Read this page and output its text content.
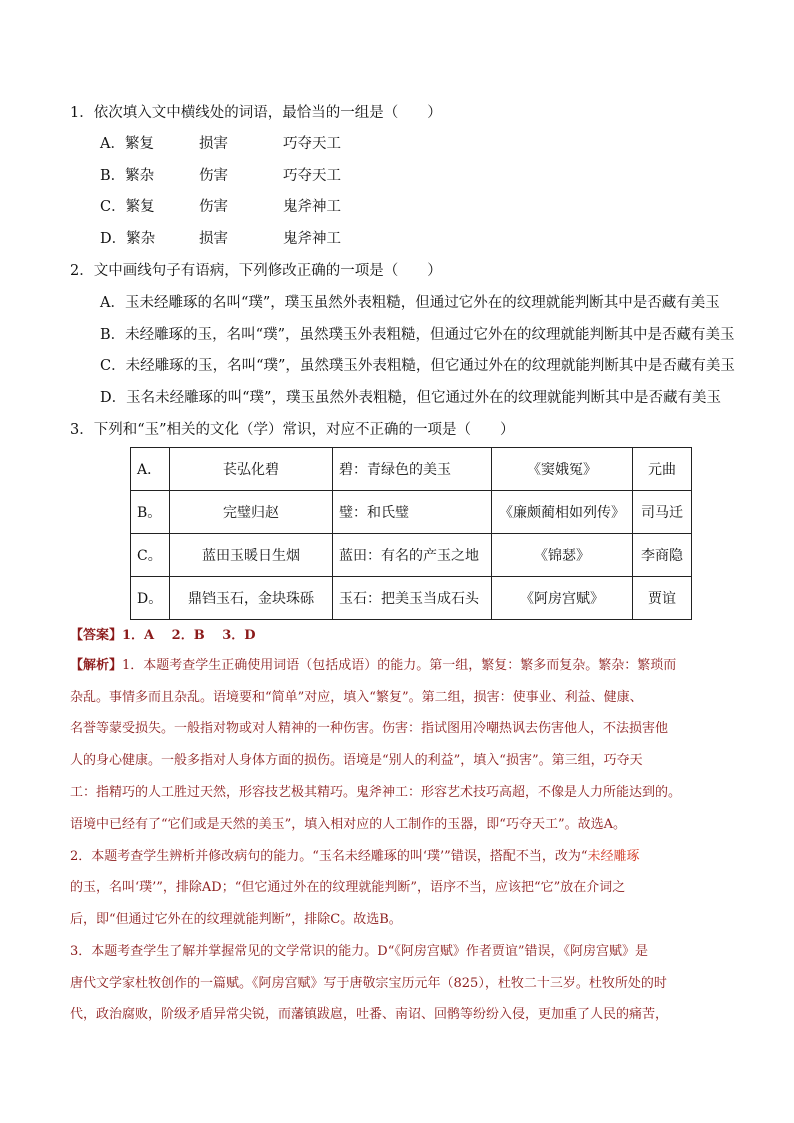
1．依次填入文中横线处的词语，最恰当的一组是（　　）
A．繁复	损害	巧夺天工
B．繁杂	伤害	巧夺天工
C．繁复	伤害	鬼斧神工
D．繁杂	损害	鬼斧神工
2．文中画线句子有语病，下列修改正确的一项是（　　）
A．玉未经雕琢的名叫“璞”，璞玉虽然外表粗糙，但通过它外在的纹理就能判断其中是否藏有美玉
B．未经雕琢的玉，名叫“璞”，虽然璞玉外表粗糙，但通过它外在的纹理就能判断其中是否藏有美玉
C．未经雕琢的玉，名叫“璞”，虽然璞玉外表粗糙，但它通过外在的纹理就能判断其中是否藏有美玉
D．玉名未经雕琢的叫“璞”，璞玉虽然外表粗糙，但它通过外在的纹理就能判断其中是否藏有美玉
3．下列和“玉”相关的文化（学）常识，对应不正确的一项是（　　）
A．	苌弘化碧	碧：青绿色的美玉	《窦娥冤》	元曲
B。	完璧归赵	璧：和氏璧	《廉颇蔺相如列传》	司马迁
C。	蓝田玉暖日生烟	蓝田：有名的产玉之地	《锦瑟》	李商隐
D。	鼎铛玉石，金块珠砾	玉石：把美玉当成石头	《阿房宫赋》	贾谊
【答案】1．A　 2．B　 3．D
【解析】1．本题考查学生正确使用词语（包括成语）的能力。第一组，繁复：繁多而复杂。繁杂：繁琐而
杂乱。事情多而且杂乱。语境要和“简单”对应，填入“繁复”。第二组，损害：使事业、利益、健康、
名誉等蒙受损失。一般指对物或对人精神的一种伤害。伤害：指试图用冷嘲热讽去伤害他人，不法损害他
人的身心健康。一般多指对人身体方面的损伤。语境是“别人的利益”，填入“损害”。第三组，巧夺天
工：指精巧的人工胜过天然，形容技艺极其精巧。鬼斧神工：形容艺术技巧高超，不像是人力所能达到的。
语境中已经有了“它们或是天然的美玉”，填入相对应的人工制作的玉器，即“巧夺天工”。故选A。
2．本题考查学生辨析并修改病句的能力。“玉名未经雕琢的叫‘璞’”错误，搭配不当，改为“未经雕琢
的玉，名叫‘璞’”，排除AD；“但它通过外在的纹理就能判断”，语序不当，应该把“它”放在介词之
后，即“但通过它外在的纹理就能判断”，排除C。故选B。
3．本题考查学生了解并掌握常见的文学常识的能力。D“《阿房宫赋》作者贾谊”错误，《阿房宫赋》是
唐代文学家杜牧创作的一篇赋。《阿房宫赋》写于唐敬宗宝历元年（825），杜牧二十三岁。杜牧所处的时
代，政治腐败，阶级矛盾异常尖锐，而藩镇跋扈，吐番、南诏、回鹘等纷纷入侵，更加重了人民的痛苦，
